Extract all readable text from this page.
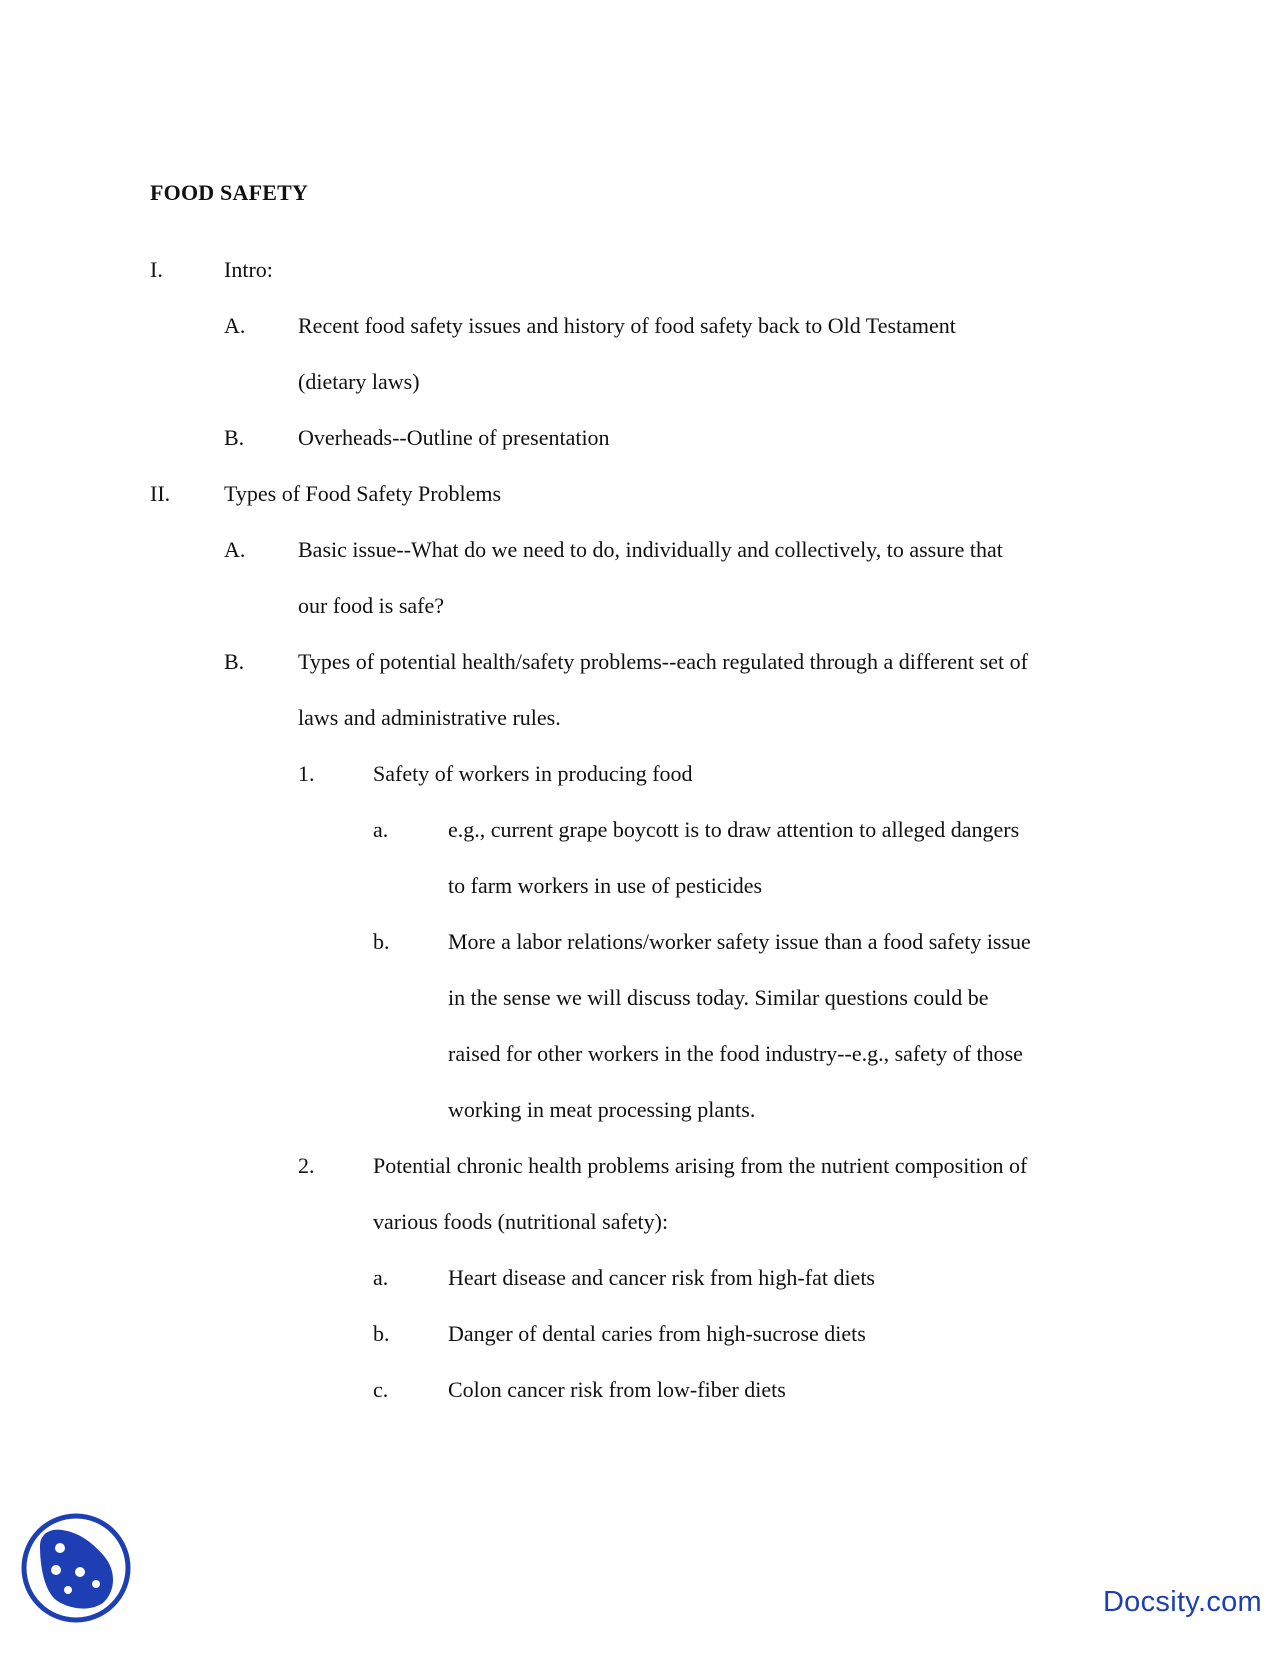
FOOD SAFETY
I.	Intro:
A. Recent food safety issues and history of food safety back to Old Testament
(dietary laws)
B. Overheads--Outline of presentation
II. Types of Food Safety Problems
A. Basic issue--What do we need to do, individually and collectively, to assure that
our food is safe?
B. Types of potential health/safety problems--each regulated through a different set of
laws and administrative rules.
1.	Safety of workers in producing food
a.	e.g., current grape boycott is to draw attention to alleged dangers
to farm workers in use of pesticides
b.	More a labor relations/worker safety issue than a food safety issue
in the sense we will discuss today. Similar questions could be
raised for other workers in the food industry--e.g., safety of those
working in meat processing plants.
2.	Potential chronic health problems arising from the nutrient composition of
various foods (nutritional safety):
a.	Heart disease and cancer risk from high-fat diets
b.	Danger of dental caries from high-sucrose diets
c.	Colon cancer risk from low-fiber diets
Docsity.com
